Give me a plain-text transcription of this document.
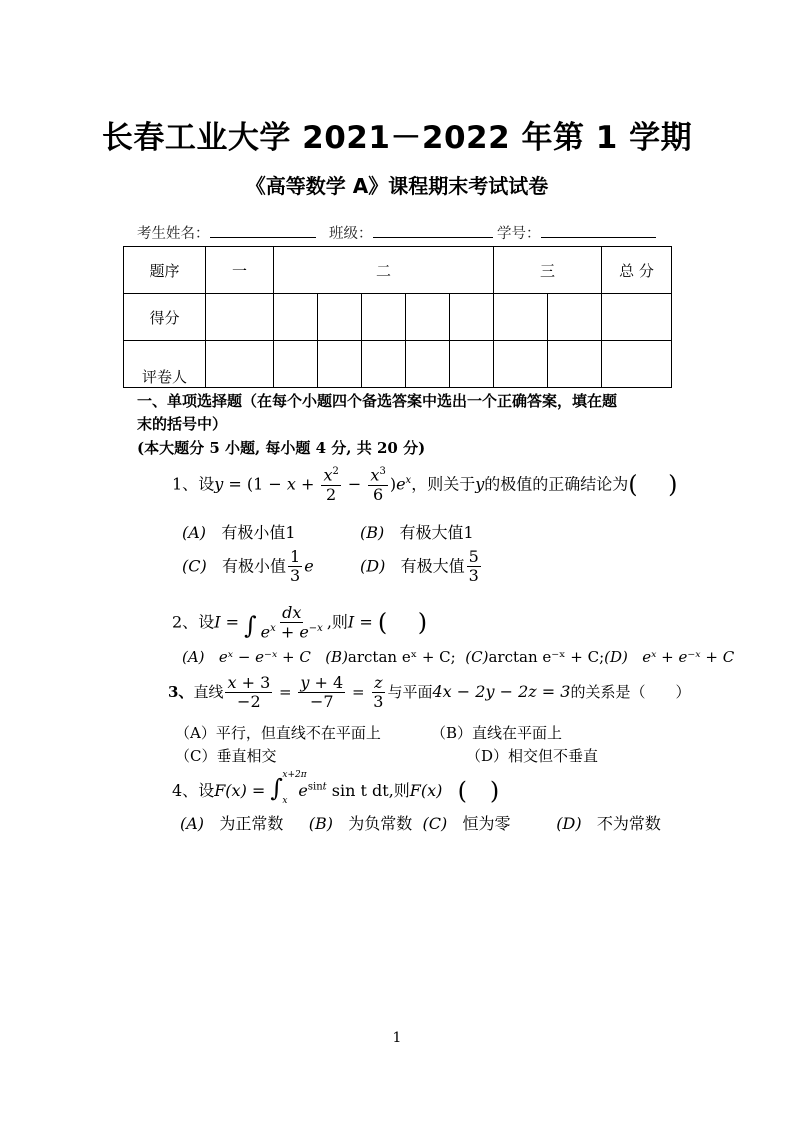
长春工业大学 2021－2022 年第 1 学期
《高等数学 A》课程期末考试试卷
考生姓名：	班级：	学号：
题序	一	二					三		总 分
得分									
评卷人									
一、单项选择题（在每个小题四个备选答案中选出一个正确答案，填在题
末的括号中）
(本大题分 5 小题, 每小题 4 分, 共 20 分)
1、设$y = (1 - x + \frac{x^2}{2} - \frac{x^3}{6} )e^x$，则关于y的极值的正确结论为(    )
(A) 有极小值1	(B) 有极大值1
(C) 有极小值 $\frac{1}{3}$ e	(D) 有极大值 $\frac{5}{3}$
2、设I = ∫ $\frac{dx}{e^x + e^{-x}}$ ,则I = (    )
(A) eˣ − e⁻ˣ + C (B)arctan eˣ + C; (C)arctan e⁻ˣ + C;(D) eˣ + e⁻ˣ + C
3、直线 $\frac{x + 3}{-2} = \frac{y + 4}{-7} = \frac{z}{3}$ 与平面4x − 2y − 2z = 3的关系是（　　）
（A）平行，但直线不在平面上	（B）直线在平面上
（C）垂直相交	（D）相交但不垂直
4、设F(x) = ∫ x+2π
x
$e^{sint}$ sin t dt,则F(x) (   )
(A) 为正常数 (B) 为负常数 (C) 恒为零	(D) 不为常数
1
